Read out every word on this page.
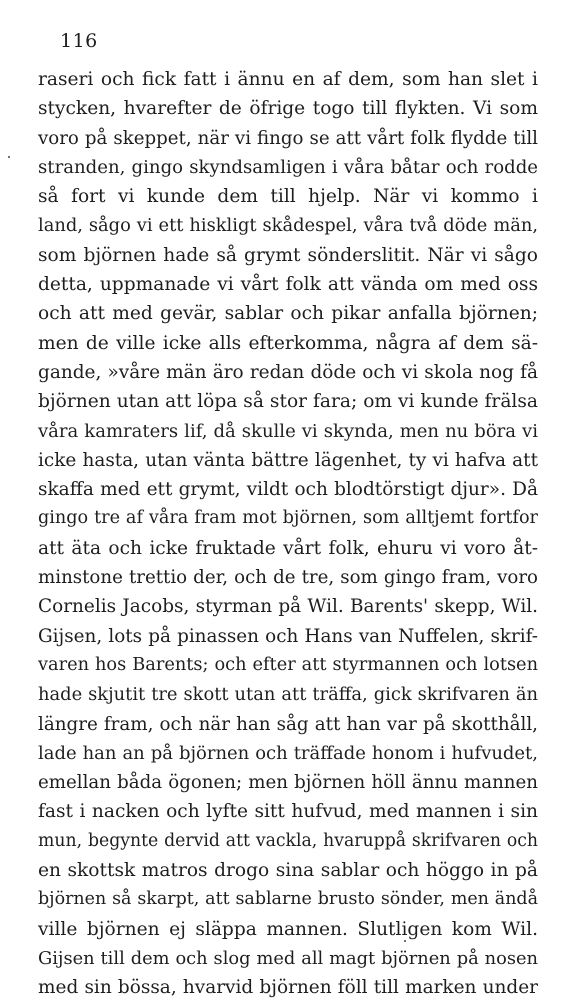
116
raseri och fick fatt i ännu en af dem, som han slet i
stycken, hvarefter de öfrige togo till flykten. Vi som
voro på skeppet, när vi fingo se att vårt folk flydde till
stranden, gingo skyndsamligen i våra båtar och rodde
så fort vi kunde dem till hjelp. När vi kommo i
land, sågo vi ett hiskligt skådespel, våra två döde män,
som björnen hade så grymt sönderslitit. När vi sågo
detta, uppmanade vi vårt folk att vända om med oss
och att med gevär, sablar och pikar anfalla björnen;
men de ville icke alls efterkomma, några af dem sä-
gande, »våre män äro redan döde och vi skola nog få
björnen utan att löpa så stor fara; om vi kunde frälsa
våra kamraters lif, då skulle vi skynda, men nu böra vi
icke hasta, utan vänta bättre lägenhet, ty vi hafva att
skaffa med ett grymt, vildt och blodtörstigt djur». Då
gingo tre af våra fram mot björnen, som alltjemt fortfor
att äta och icke fruktade vårt folk, ehuru vi voro åt-
minstone trettio der, och de tre, som gingo fram, voro
Cornelis Jacobs, styrman på Wil. Barents' skepp, Wil.
Gijsen, lots på pinassen och Hans van Nuffelen, skrif-
varen hos Barents; och efter att styrmannen och lotsen
hade skjutit tre skott utan att träffa, gick skrifvaren än
längre fram, och när han såg att han var på skotthåll,
lade han an på björnen och träffade honom i hufvudet,
emellan båda ögonen; men björnen höll ännu mannen
fast i nacken och lyfte sitt hufvud, med mannen i sin
mun, begynte dervid att vackla, hvaruppå skrifvaren och
en skottsk matros drogo sina sablar och höggo in på
björnen så skarpt, att sablarne brusto sönder, men ändå
ville björnen ej släppa mannen. Slutligen kom Wil.
Gijsen till dem och slog med all magt björnen på nosen
med sin bössa, hvarvid björnen föll till marken under
